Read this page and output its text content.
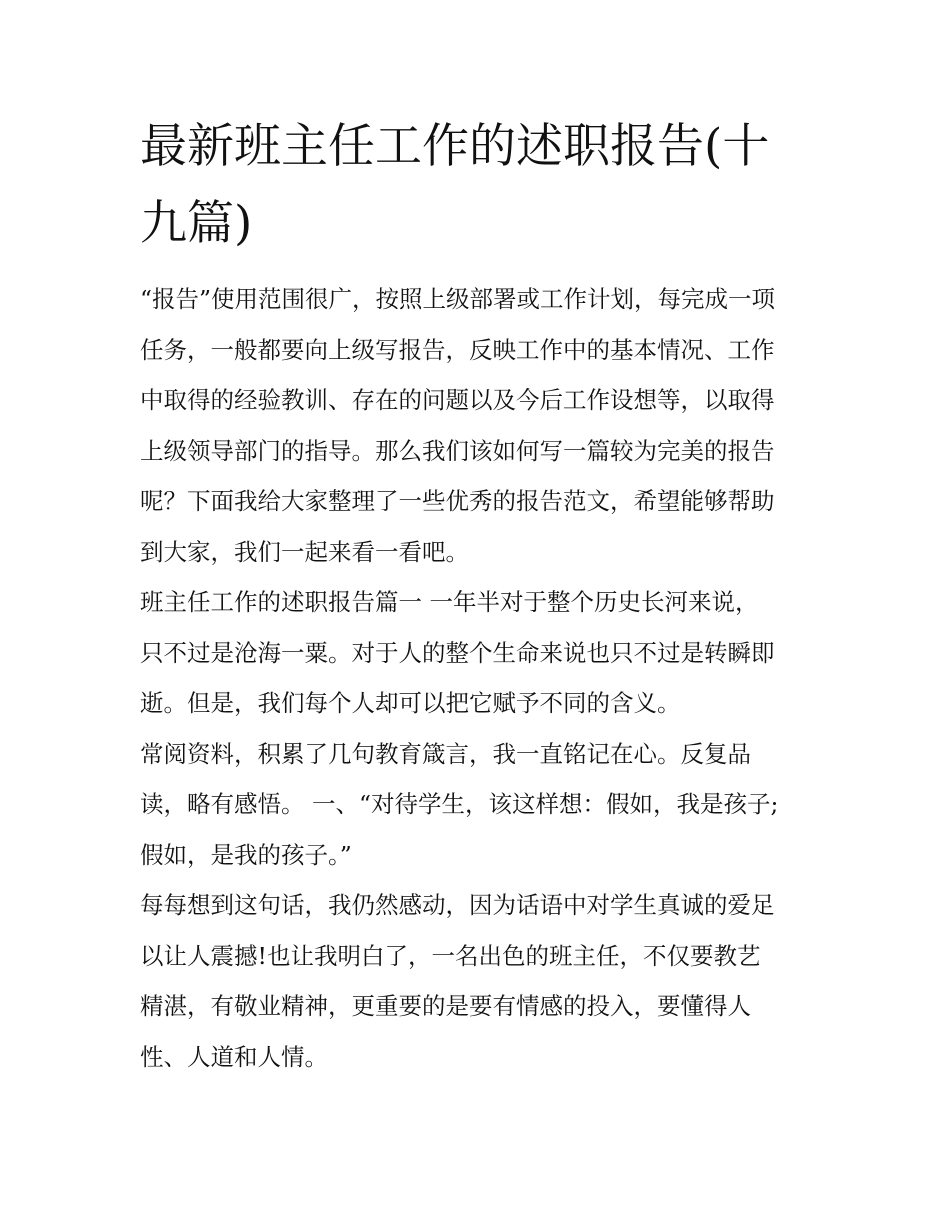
最新班主任工作的述职报告(十
九篇)

“报告”使用范围很广，按照上级部署或工作计划，每完成一项
任务，一般都要向上级写报告，反映工作中的基本情况、工作
中取得的经验教训、存在的问题以及今后工作设想等，以取得
上级领导部门的指导。那么我们该如何写一篇较为完美的报告
呢？下面我给大家整理了一些优秀的报告范文，希望能够帮助
到大家，我们一起来看一看吧。

班主任工作的述职报告篇一 一年半对于整个历史长河来说，
只不过是沧海一粟。对于人的整个生命来说也只不过是转瞬即
逝。但是，我们每个人却可以把它赋予不同的含义。

常阅资料，积累了几句教育箴言，我一直铭记在心。反复品
读，略有感悟。 一、“对待学生，该这样想：假如，我是孩子;
假如，是我的孩子。”

每每想到这句话，我仍然感动，因为话语中对学生真诚的爱足
以让人震撼!也让我明白了，一名出色的班主任，不仅要教艺
精湛，有敬业精神，更重要的是要有情感的投入，要懂得人
性、人道和人情。
